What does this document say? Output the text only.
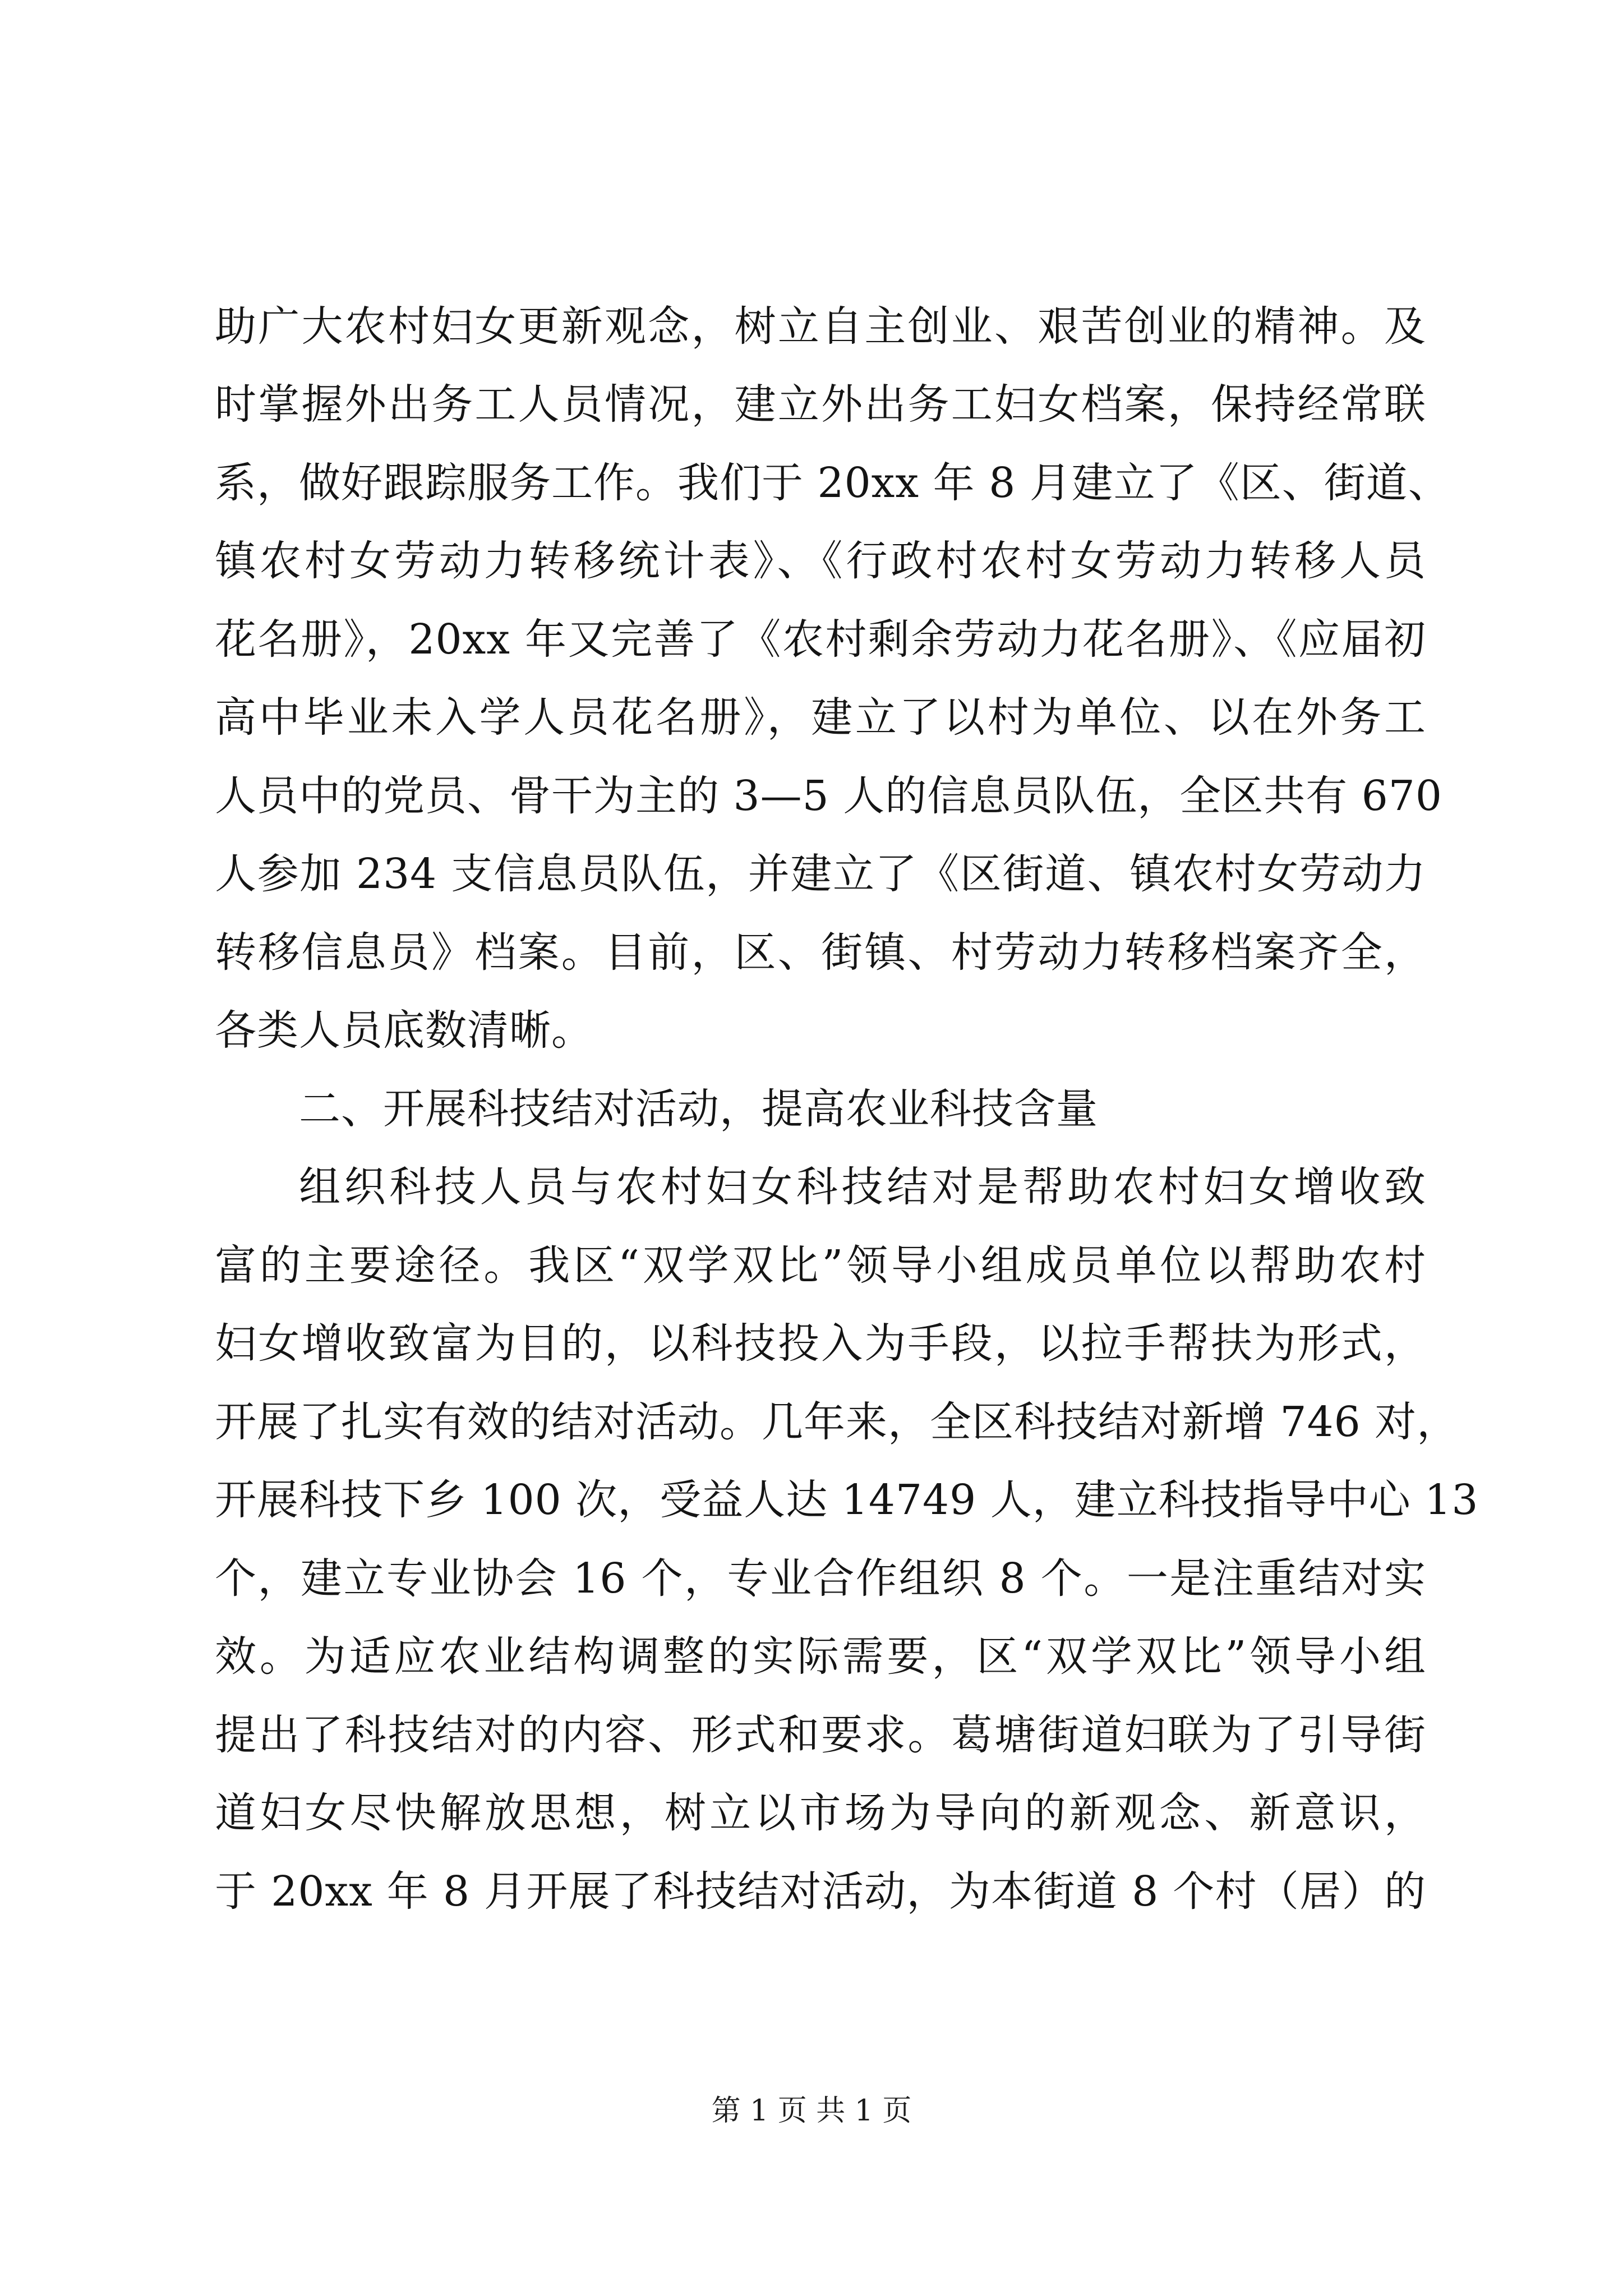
助广大农村妇女更新观念，树立自主创业、艰苦创业的精神。及
时掌握外出务工人员情况，建立外出务工妇女档案，保持经常联
系，做好跟踪服务工作。我们于 20xx 年 8 月建立了《区、街道、
镇农村女劳动力转移统计表》、《行政村农村女劳动力转移人员
花名册》，20xx 年又完善了《农村剩余劳动力花名册》、《应届初
高中毕业未入学人员花名册》，建立了以村为单位、以在外务工
人员中的党员、骨干为主的 3—5 人的信息员队伍，全区共有 670
人参加 234 支信息员队伍，并建立了《区街道、镇农村女劳动力
转移信息员》档案。目前，区、街镇、村劳动力转移档案齐全，
各类人员底数清晰。
二、开展科技结对活动，提高农业科技含量
组织科技人员与农村妇女科技结对是帮助农村妇女增收致
富的主要途径。我区“双学双比”领导小组成员单位以帮助农村
妇女增收致富为目的，以科技投入为手段，以拉手帮扶为形式，
开展了扎实有效的结对活动。几年来，全区科技结对新增 746 对，
开展科技下乡 100 次，受益人达 14749 人，建立科技指导中心 13
个，建立专业协会 16 个，专业合作组织 8 个。一是注重结对实
效。为适应农业结构调整的实际需要，区“双学双比”领导小组
提出了科技结对的内容、形式和要求。葛塘街道妇联为了引导街
道妇女尽快解放思想，树立以市场为导向的新观念、新意识，
于 20xx 年 8 月开展了科技结对活动，为本街道 8 个村（居）的
第 1 页 共 1 页
